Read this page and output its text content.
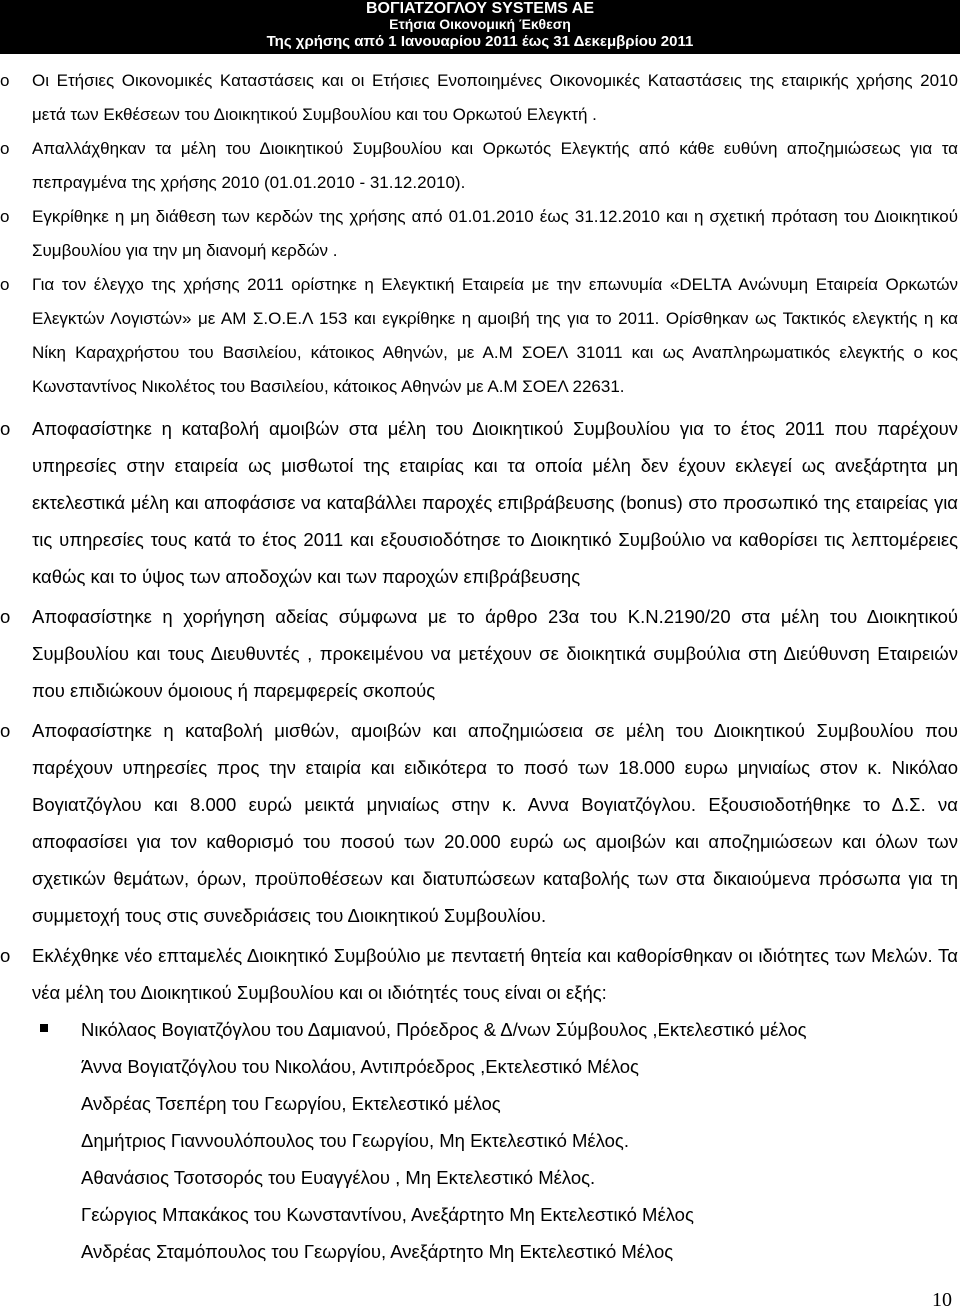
ΒΟΓΙΑΤΖΟΓΛΟΥ SYSTEMS AE
Ετήσια Οικονομική Έκθεση
Της χρήσης από 1 Ιανουαρίου 2011 έως 31 Δεκεμβρίου 2011
o Οι Ετήσιες Οικονομικές Καταστάσεις και οι Ετήσιες Ενοποιημένες Οικονομικές Καταστάσεις της εταιρικής χρήσης 2010 μετά των Εκθέσεων του Διοικητικού Συμβουλίου και του Ορκωτού Ελεγκτή .
o Απαλλάχθηκαν τα μέλη του Διοικητικού Συμβουλίου και Ορκωτός Ελεγκτής από κάθε ευθύνη αποζημιώσεως για τα πεπραγμένα της χρήσης 2010 (01.01.2010 - 31.12.2010).
o Εγκρίθηκε η μη διάθεση των κερδών της χρήσης από 01.01.2010 έως 31.12.2010 και η σχετική πρόταση του Διοικητικού Συμβουλίου για την μη διανομή κερδών .
o Για τον έλεγχο της χρήσης 2011 ορίστηκε η Ελεγκτική Εταιρεία με την επωνυμία «DELTA Ανώνυμη Εταιρεία Ορκωτών Ελεγκτών Λογιστών» με ΑΜ Σ.Ο.Ε.Λ 153 και εγκρίθηκε η αμοιβή της για το 2011. Ορίσθηκαν ως Τακτικός ελεγκτής η κα Νίκη Καραχρήστου του Βασιλείου, κάτοικος Αθηνών, με Α.Μ ΣΟΕΛ 31011 και ως Αναπληρωματικός ελεγκτής ο κος Κωνσταντίνος Νικολέτος του Βασιλείου, κάτοικος Αθηνών με Α.Μ ΣΟΕΛ 22631.
o Αποφασίστηκε η καταβολή αμοιβών στα μέλη του Διοικητικού Συμβουλίου για το έτος 2011 που παρέχουν υπηρεσίες στην εταιρεία ως μισθωτοί της εταιρίας και τα οποία μέλη δεν έχουν εκλεγεί ως ανεξάρτητα μη εκτελεστικά μέλη και αποφάσισε να καταβάλλει παροχές επιβράβευσης (bonus) στο προσωπικό της εταιρείας για τις υπηρεσίες τους κατά το έτος 2011 και εξουσιοδότησε το Διοικητικό Συμβούλιο να καθορίσει τις λεπτομέρειες καθώς και το ύψος των αποδοχών και των παροχών επιβράβευσης
o Αποφασίστηκε η χορήγηση αδείας σύμφωνα με το άρθρο 23α του Κ.Ν.2190/20 στα μέλη του Διοικητικού Συμβουλίου και τους Διευθυντές , προκειμένου να μετέχουν σε διοικητικά συμβούλια στη Διεύθυνση Εταιρειών που επιδιώκουν όμοιους ή παρεμφερείς σκοπούς
o Αποφασίστηκε η καταβολή μισθών, αμοιβών και αποζημιώσεια σε μέλη του Διοικητικού Συμβουλίου που παρέχουν υπηρεσίες προς την εταιρία και ειδικότερα το ποσό των 18.000 ευρω μηνιαίως στον κ. Νικόλαο Βογιατζόγλου και 8.000 ευρώ μεικτά μηνιαίως στην κ. Αννα Βογιατζόγλου. Εξουσιοδοτήθηκε το Δ.Σ. να αποφασίσει για τον καθορισμό του ποσού των 20.000 ευρώ ως αμοιβών και αποζημιώσεων και όλων των σχετικών θεμάτων, όρων, προϋποθέσεων και διατυπώσεων καταβολής των στα δικαιούμενα πρόσωπα για τη συμμετοχή τους στις συνεδριάσεις του Διοικητικού Συμβουλίου.
o Εκλέχθηκε νέο επταμελές Διοικητικό Συμβούλιο με πενταετή θητεία και καθορίσθηκαν οι ιδιότητες των Μελών. Τα νέα μέλη του Διοικητικού Συμβουλίου και οι ιδιότητές τους είναι οι εξής:
Νικόλαος Βογιατζόγλου του Δαμιανού, Πρόεδρος & Δ/νων Σύμβουλος ,Εκτελεστικό μέλος
Άννα Βογιατζόγλου του Νικολάου, Αντιπρόεδρος ,Εκτελεστικό Μέλος
Ανδρέας Τσεπέρη του Γεωργίου, Εκτελεστικό μέλος
Δημήτριος Γιαννουλόπουλος του Γεωργίου, Μη Εκτελεστικό Μέλος.
Αθανάσιος Τσοτσορός του Ευαγγέλου , Μη Εκτελεστικό Μέλος.
Γεώργιος Μπακάκος του Κωνσταντίνου, Ανεξάρτητο Μη Εκτελεστικό Μέλος
Ανδρέας Σταμόπουλος του Γεωργίου, Ανεξάρτητο Μη Εκτελεστικό Μέλος
10
